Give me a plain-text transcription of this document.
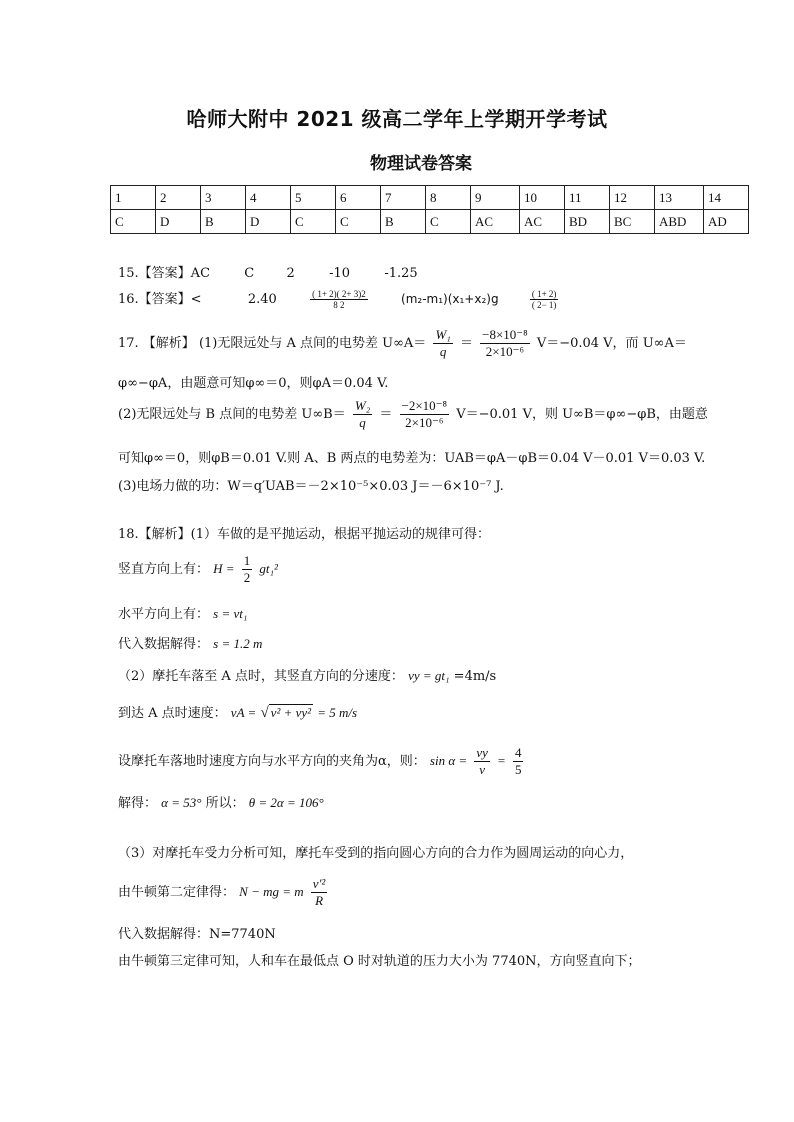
哈师大附中 2021 级高二学年上学期开学考试
物理试卷答案
1	2	3	4	5	6	7	8	9	10	11	12	13	14
C	D	B	D	C	C	B	C	AC	AC	BD	BC	ABD	AD
15.【答案】AC	C 2	-10	-1.25
16.【答案】<	2.40	$\frac{( 1+ 2)( 2+ 3)2}{8 2}$	(m₂-m₁)(x₁+x₂)g	$\frac{( 1+ 2)}{( 2- 1)}$
17. 【解析】 (1)无限远处与 A 点间的电势差 $U\infty A= \frac{\text{W₁}}{q} = \frac{\text{−8×10⁻⁸}}{\text{2×10⁻⁶}} V=-0.04$ V，而 U∞A＝
φ∞−φA，由题意可知φ∞＝0，则φA＝0.04 V.
(2)无限远处与 B 点间的电势差 $U\infty B= \frac{\text{W₂}}{q} = \frac{\text{−2×10⁻⁸}}{\text{2×10⁻⁶}} V=-0.01$ V，则 U∞B＝φ∞−φB，由题意
可知φ∞＝0，则φB＝0.01 V.则 A、B 两点的电势差为：UAB＝φA－φB＝0.04 V－0.01 V＝0.03 V.
(3)电场力做的功：W＝q′UAB＝－2×10⁻⁵×0.03 J＝－6×10⁻⁷ J.
18.【解析】(1）车做的是平抛运动，根据平抛运动的规律可得：
竖直方向上有： $H = \frac{1}{2} gt_1^2$
水平方向上有： s = vt₁
代入数据解得： s = 1.2 m
（2）摩托车落至 A 点时，其竖直方向的分速度： vy = gt₁ =4m/s
到达 A 点时速度： vA = √ v² + vy² = 5 m/s
设摩托车落地时速度方向与水平方向的夹角为α，则： $\sin \alpha = \frac{vy}{v} = \frac{4}{5}$
解得： α = 53° 所以： θ = 2α = 106°
（3）对摩托车受力分析可知，摩托车受到的指向圆心方向的合力作为圆周运动的向心力，
由牛顿第二定律得： N − mg = m $\frac{\text{v′²}}{R}$
代入数据解得：N=7740N
由牛顿第三定律可知，人和车在最低点 O 时对轨道的压力大小为 7740N，方向竖直向下；
